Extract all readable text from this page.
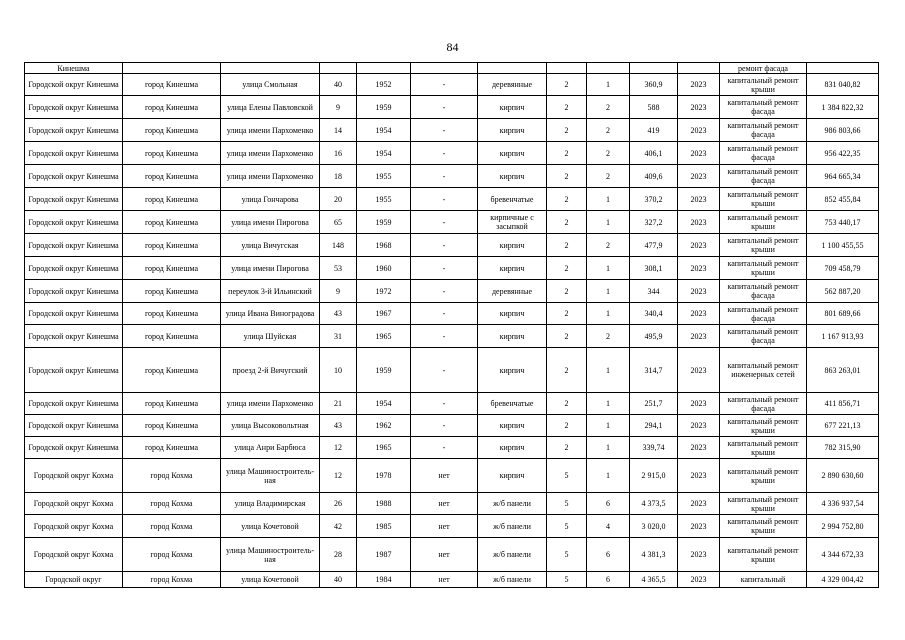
84
Кинешма											ремонт фасада	
Городской округ Кинешма	город Кинешма	улица Смольная	40	1952	-	деревянные	2	1	360,9	2023	капитальный ремонт крыши	831 040,82
Городской округ Кинешма	город Кинешма	улица Елены Павловской	9	1959	-	кирпич	2	2	588	2023	капитальный ремонт фасада	1 384 822,32
Городской округ Кинешма	город Кинешма	улица имени Пархоменко	14	1954	-	кирпич	2	2	419	2023	капитальный ремонт фасада	986 803,66
Городской округ Кинешма	город Кинешма	улица имени Пархоменко	16	1954	-	кирпич	2	2	406,1	2023	капитальный ремонт фасада	956 422,35
Городской округ Кинешма	город Кинешма	улица имени Пархоменко	18	1955	-	кирпич	2	2	409,6	2023	капитальный ремонт фасада	964 665,34
Городской округ Кинешма	город Кинешма	улица Гончарова	20	1955	-	бревенчатые	2	1	370,2	2023	капитальный ремонт крыши	852 455,84
Городской округ Кинешма	город Кинешма	улица имени Пирогова	65	1959	-	кирпичные с засыпкой	2	1	327,2	2023	капитальный ремонт крыши	753 440,17
Городской округ Кинешма	город Кинешма	улица Вичугская	148	1968	-	кирпич	2	2	477,9	2023	капитальный ремонт крыши	1 100 455,55
Городской округ Кинешма	город Кинешма	улица имени Пирогова	53	1960	-	кирпич	2	1	308,1	2023	капитальный ремонт крыши	709 458,79
Городской округ Кинешма	город Кинешма	переулок 3-й Ильинский	9	1972	-	деревянные	2	1	344	2023	капитальный ремонт фасада	562 887,20
Городской округ Кинешма	город Кинешма	улица Ивана Виноградова	43	1967	-	кирпич	2	1	340,4	2023	капитальный ремонт фасада	801 689,66
Городской округ Кинешма	город Кинешма	улица Шуйская	31	1965	-	кирпич	2	2	495,9	2023	капитальный ремонт фасада	1 167 913,93
Городской округ Кинешма	город Кинешма	проезд 2-й Вичугский	10	1959	-	кирпич	2	1	314,7	2023	капитальный ремонт инженерных сетей	863 263,01
Городской округ Кинешма	город Кинешма	улица имени Пархоменко	21	1954	-	бревенчатые	2	1	251,7	2023	капитальный ремонт фасада	411 856,71
Городской округ Кинешма	город Кинешма	улица Высоковольтная	43	1962	-	кирпич	2	1	294,1	2023	капитальный ремонт крыши	677 221,13
Городской округ Кинешма	город Кинешма	улица Анри Барбюса	12	1965	-	кирпич	2	1	339,74	2023	капитальный ремонт крыши	782 315,90
Городской округ Кохма	город Кохма	улица Машиностроитель-ная	12	1978	нет	кирпич	5	1	2 915,0	2023	капитальный ремонт крыши	2 890 630,60
Городской округ Кохма	город Кохма	улица Владимирская	26	1988	нет	ж/б панели	5	6	4 373,5	2023	капитальный ремонт крыши	4 336 937,54
Городской округ Кохма	город Кохма	улица Кочетовой	42	1985	нет	ж/б панели	5	4	3 020,0	2023	капитальный ремонт крыши	2 994 752,80
Городской округ Кохма	город Кохма	улица Машиностроитель-ная	28	1987	нет	ж/б панели	5	6	4 381,3	2023	капитальный ремонт крыши	4 344 672,33
Городской округ	город Кохма	улица Кочетовой	40	1984	нет	ж/б панели	5	6	4 365,5	2023	капитальный	4 329 004,42
